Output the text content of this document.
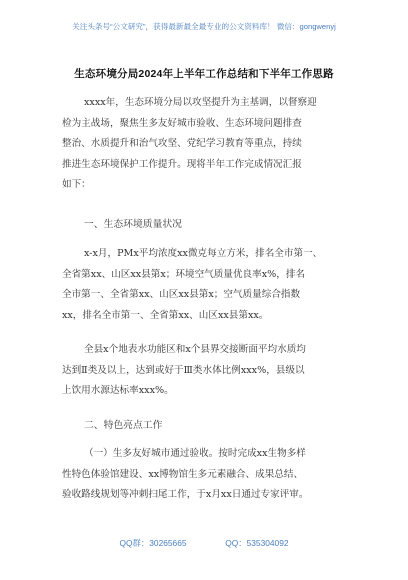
关注头条号“公文研究”，获得最新最全最专业的公文资料库！ 微信：gongwenyj
生态环境分局2024年上半年工作总结和下半年工作思路
xxxx年，生态环境分局以攻坚提升为主基调，以督察迎
检为主战场，聚焦生多友好城市验收、生态环境问题排查
整治、水质提升和治气攻坚、党纪学习教育等重点，持续
推进生态环境保护工作提升。现将半年工作完成情况汇报
如下：
一、生态环境质量状况
x-x月，PMx平均浓度xx微克每立方米，排名全市第一、
全省第xx、山区xx县第x；环境空气质量优良率x%，排名
全市第一、全省第xx、山区xx县第x；空气质量综合指数
xx，排名全市第一、全省第xx、山区xx县第xx。
全县x个地表水功能区和x个县界交接断面平均水质均
达到Ⅱ类及以上，达到或好于Ⅲ类水体比例xxx%，县级以
上饮用水源达标率xxx%。
二、特色亮点工作
（一）生多友好城市通过验收。按时完成xx生物多样
性特色体验馆建设、xx博物馆生多元素融合、成果总结、
验收路线规划等冲刺扫尾工作，于x月xx日通过专家评审。
QQ群：30265665	QQ：535304092
